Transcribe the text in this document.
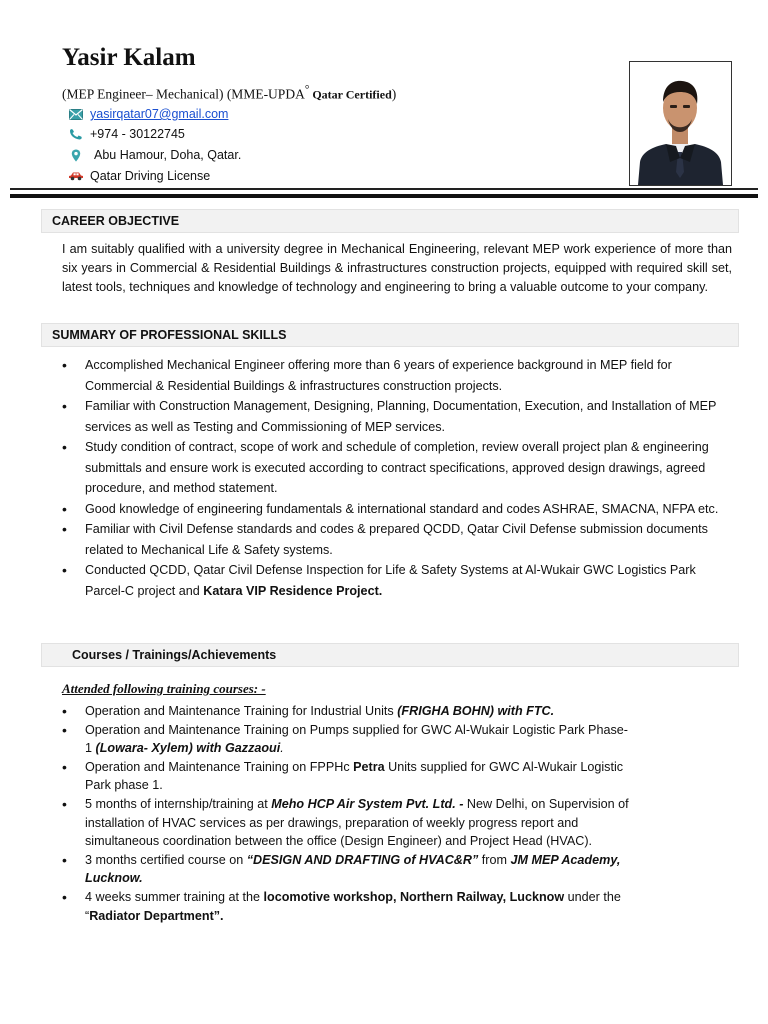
Yasir Kalam
(MEP Engineer– Mechanical) (MME-UPDA° Qatar Certified)
yasirqatar07@gmail.com
+974 - 30122745
Abu Hamour, Doha, Qatar.
Qatar Driving License
CAREER OBJECTIVE
I am suitably qualified with a university degree in Mechanical Engineering, relevant MEP work experience of more than six years in Commercial & Residential Buildings & infrastructures construction projects, equipped with required skill set, latest tools, techniques and knowledge of technology and engineering to bring a valuable outcome to your company.
SUMMARY OF PROFESSIONAL SKILLS
• Accomplished Mechanical Engineer offering more than 6 years of experience background in MEP field for Commercial & Residential Buildings & infrastructures construction projects.
• Familiar with Construction Management, Designing, Planning, Documentation, Execution, and Installation of MEP services as well as Testing and Commissioning of MEP services.
• Study condition of contract, scope of work and schedule of completion, review overall project plan & engineering submittals and ensure work is executed according to contract specifications, approved design drawings, agreed procedure, and method statement.
• Good knowledge of engineering fundamentals & international standard and codes ASHRAE, SMACNA, NFPA etc.
• Familiar with Civil Defense standards and codes & prepared QCDD, Qatar Civil Defense submission documents related to Mechanical Life & Safety systems.
• Conducted QCDD, Qatar Civil Defense Inspection for Life & Safety Systems at Al-Wukair GWC Logistics Park Parcel-C project and Katara VIP Residence Project.
Courses / Trainings/Achievements
Attended following training courses: -
• Operation and Maintenance Training for Industrial Units (FRIGHA BOHN) with FTC.
• Operation and Maintenance Training on Pumps supplied for GWC Al-Wukair Logistic Park Phase-1 (Lowara- Xylem) with Gazzaoui.
• Operation and Maintenance Training on FPPHc Petra Units supplied for GWC Al-Wukair Logistic Park phase 1.
• 5 months of internship/training at Meho HCP Air System Pvt. Ltd. - New Delhi, on Supervision of installation of HVAC services as per drawings, preparation of weekly progress report and simultaneous coordination between the office (Design Engineer) and Project Head (HVAC).
• 3 months certified course on “DESIGN AND DRAFTING of HVAC&R” from JM MEP Academy, Lucknow.
• 4 weeks summer training at the locomotive workshop, Northern Railway, Lucknow under the “Radiator Department”.
